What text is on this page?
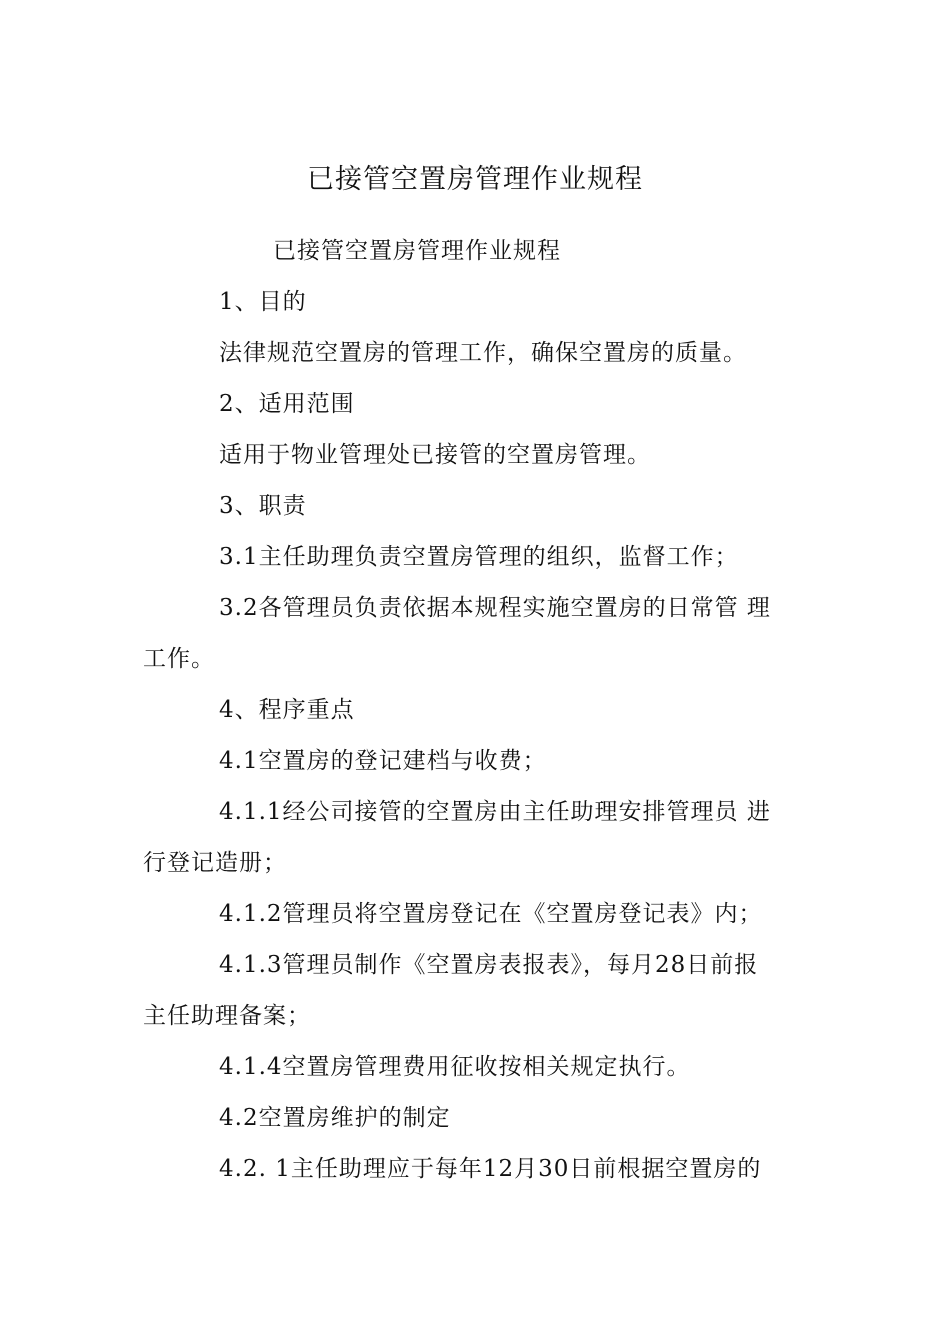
已接管空置房管理作业规程
已接管空置房管理作业规程
1、目的
法律规范空置房的管理工作，确保空置房的质量。
2、适用范围
适用于物业管理处已接管的空置房管理。
3、职责
3.1主任助理负责空置房管理的组织，监督工作；
3.2各管理员负责依据本规程实施空置房的日常管 理
工作。
4、程序重点
4.1空置房的登记建档与收费；
4.1.1经公司接管的空置房由主任助理安排管理员 进
行登记造册；
4.1.2管理员将空置房登记在《空置房登记表》内；
4.1.3管理员制作《空置房表报表》，每月28日前报
主任助理备案；
4.1.4空置房管理费用征收按相关规定执行。
4.2空置房维护的制定
4.2. 1主任助理应于每年12月30日前根据空置房的
